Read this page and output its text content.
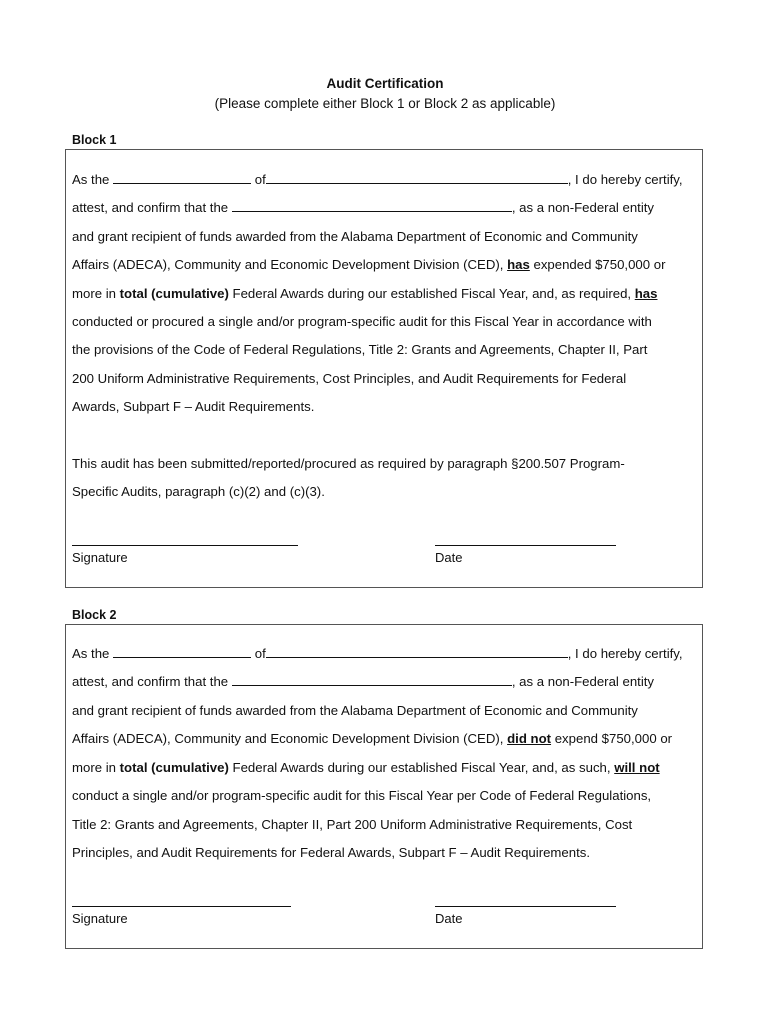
Audit Certification
(Please complete either Block 1 or Block 2 as applicable)
Block 1
As the	of	, I do hereby certify,
attest, and confirm that the	, as a non-Federal entity
and grant recipient of funds awarded from the Alabama Department of Economic and Community
Affairs (ADECA), Community and Economic Development Division (CED), has expended $750,000 or
more in total (cumulative) Federal Awards during our established Fiscal Year, and, as required, has
conducted or procured a single and/or program-specific audit for this Fiscal Year in accordance with
the provisions of the Code of Federal Regulations, Title 2: Grants and Agreements, Chapter II, Part
200 Uniform Administrative Requirements, Cost Principles, and Audit Requirements for Federal
Awards, Subpart F – Audit Requirements.
This audit has been submitted/reported/procured as required by paragraph §200.507 Program-
Specific Audits, paragraph (c)(2) and (c)(3).
Signature	Date
Block 2
As the	of	, I do hereby certify,
attest, and confirm that the	, as a non-Federal entity
and grant recipient of funds awarded from the Alabama Department of Economic and Community
Affairs (ADECA), Community and Economic Development Division (CED), did not expend $750,000 or
more in total (cumulative) Federal Awards during our established Fiscal Year, and, as such, will not
conduct a single and/or program-specific audit for this Fiscal Year per Code of Federal Regulations,
Title 2: Grants and Agreements, Chapter II, Part 200 Uniform Administrative Requirements, Cost
Principles, and Audit Requirements for Federal Awards, Subpart F – Audit Requirements.
Signature	Date
